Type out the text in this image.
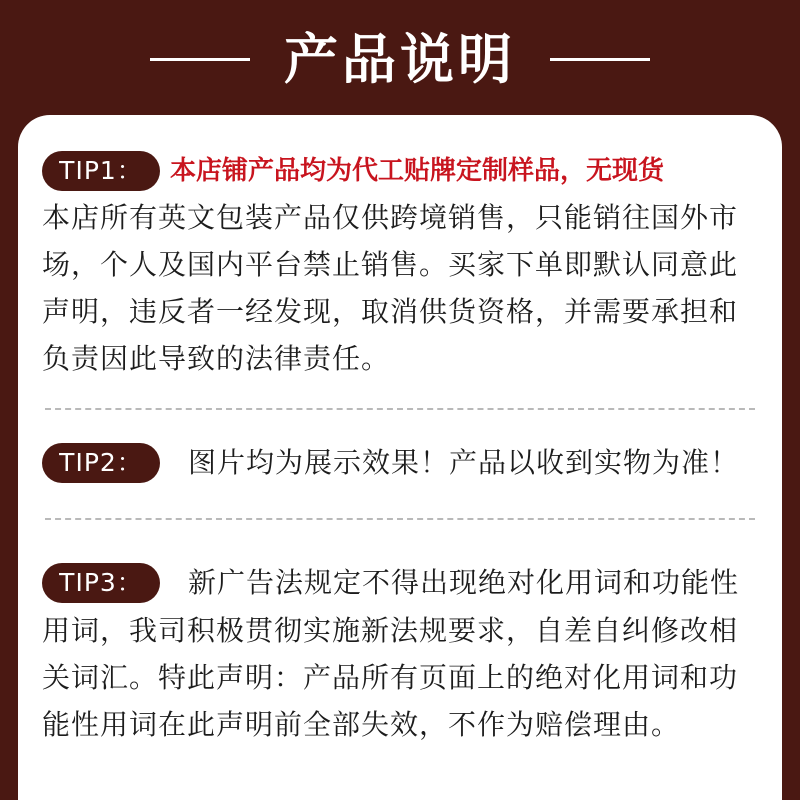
产品说明
TIP1：	本店铺产品均为代工贴牌定制样品，无现货
本店所有英文包装产品仅供跨境销售，只能销往国外市
场，个人及国内平台禁止销售。买家下单即默认同意此
声明，违反者一经发现，取消供货资格，并需要承担和
负责因此导致的法律责任。
TIP2：	图片均为展示效果！产品以收到实物为准！
TIP3：	新广告法规定不得出现绝对化用词和功能性
用词，我司积极贯彻实施新法规要求，自差自纠修改相
关词汇。特此声明：产品所有页面上的绝对化用词和功
能性用词在此声明前全部失效，不作为赔偿理由。
